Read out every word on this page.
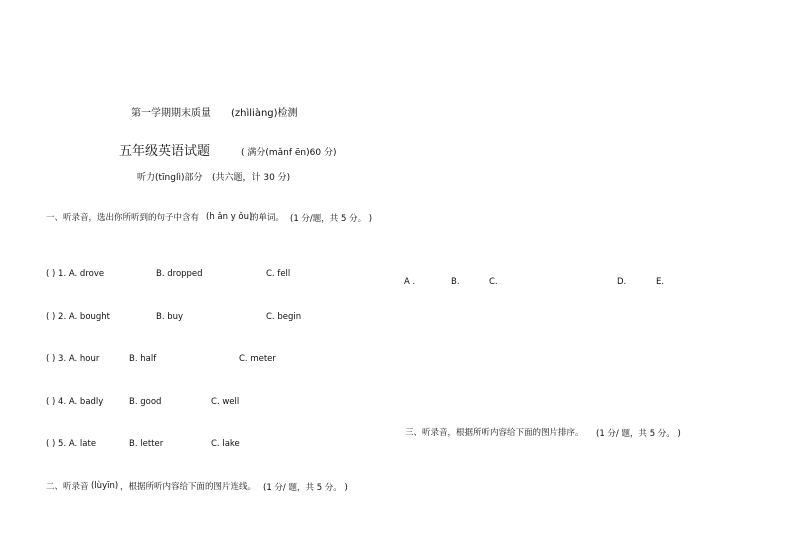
第一学期期末质量 (zhìliàng)检测
五年级英语试题	( 满分(mǎnf ēn)60 分)
听力(tīnglì)部分 (共六题，计 30 分)
一、听录音，选出你所听到的句子中含有 (h ǎn y ǒu)
的单词。 (1 分/题，共 5 分。 )
( ) 1. A. drove	B. dropped	C. fell
( ) 2. A. bought	B. buy	C. begin
( ) 3. A. hour	B. half	C. meter
( ) 4. A. badly	B. good	C. well
( ) 5. A. late	B. letter	C. lake
二、听录音 (lùyīn) ，根据所听内容给下面的图片连线。 (1 分/ 题，共 5 分。 )
A .	B.	C.	D.	E.
三、听录音，根据所听内容给下面的图片排序。 (1 分/ 题，共 5 分。 )
